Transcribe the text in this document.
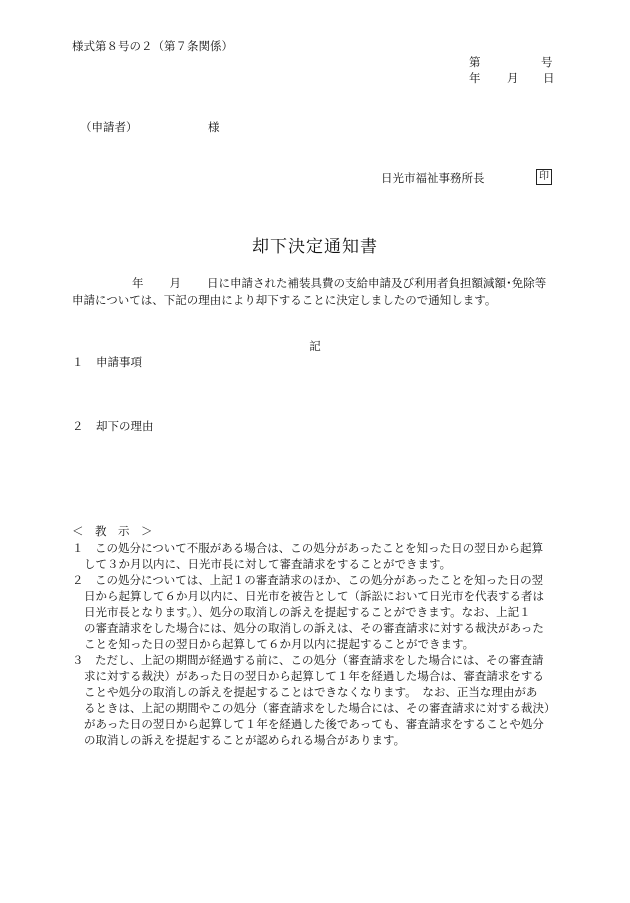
様式第８号の２（第７条関係）
第	号
年 月 日
（申請者）	様
日光市福祉事務所長	印
却下決定通知書
年 月 日に申請された補装具費の支給申請及び利用者負担額減額･免除等
申請については、下記の理由により却下することに決定しましたので通知します。
記
１ 申請事項
２ 却下の理由
＜　教　示　＞
１　この処分について不服がある場合は、この処分があったことを知った日の翌日から起算
して３か月以内に、日光市長に対して審査請求をすることができます。
２　この処分については、上記１の審査請求のほか、この処分があったことを知った日の翌
日から起算して６か月以内に、日光市を被告として（訴訟において日光市を代表する者は
日光市長となります。）、処分の取消しの訴えを提起することができます。なお、上記１
の審査請求をした場合には、処分の取消しの訴えは、その審査請求に対する裁決があった
ことを知った日の翌日から起算して６か月以内に提起することができます。
３　ただし、上記の期間が経過する前に、この処分（審査請求をした場合には、その審査請
求に対する裁決）があった日の翌日から起算して１年を経過した場合は、審査請求をする
ことや処分の取消しの訴えを提起することはできなくなります。　なお、正当な理由があ
るときは、上記の期間やこの処分（審査請求をした場合には、その審査請求に対する裁決）
があった日の翌日から起算して１年を経過した後であっても、審査請求をすることや処分
の取消しの訴えを提起することが認められる場合があります。
